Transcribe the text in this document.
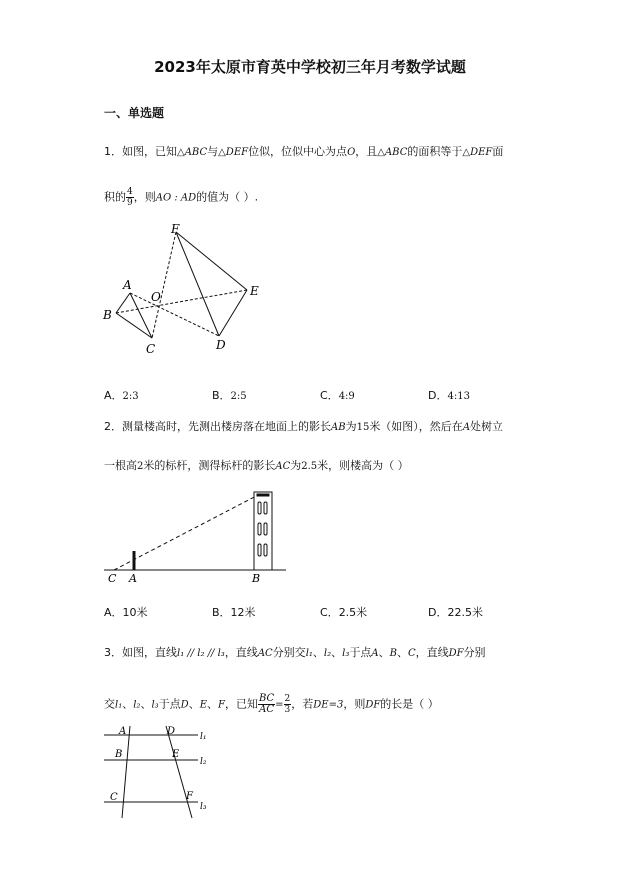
2023年太原市育英中学校初三年月考数学试题
一、单选题
1．如图，已知△ABC与△DEF位似，位似中心为点O，且△ABC的面积等于△DEF面
积的 $\frac{4}{9}$ ，则AO : AD的值为（ ）.
F
A
O	E
B
D
C
A．2:3	B．2:5	C．4:9	D．4:13
2．测量楼高时，先测出楼房落在地面上的影长AB为15米（如图），然后在A处树立
一根高2米的标杆，测得标杆的影长AC为2.5米，则楼高为（ ）
C A	B
A．10米	B．12米	C．2.5米	D．22.5米
3．如图，直线l₁ // l₂ // l₃，直线AC分别交l₁、l₂、l₃于点A、B、C，直线DF分别
交l₁、l₂、l₃于点D、E、F，已知 $\frac{BC}{AC} = \frac{2}{3}$ ，若DE=3，则DF的长是（ ）
A	D
B	E
C	F
l₁
l₂
l₃
